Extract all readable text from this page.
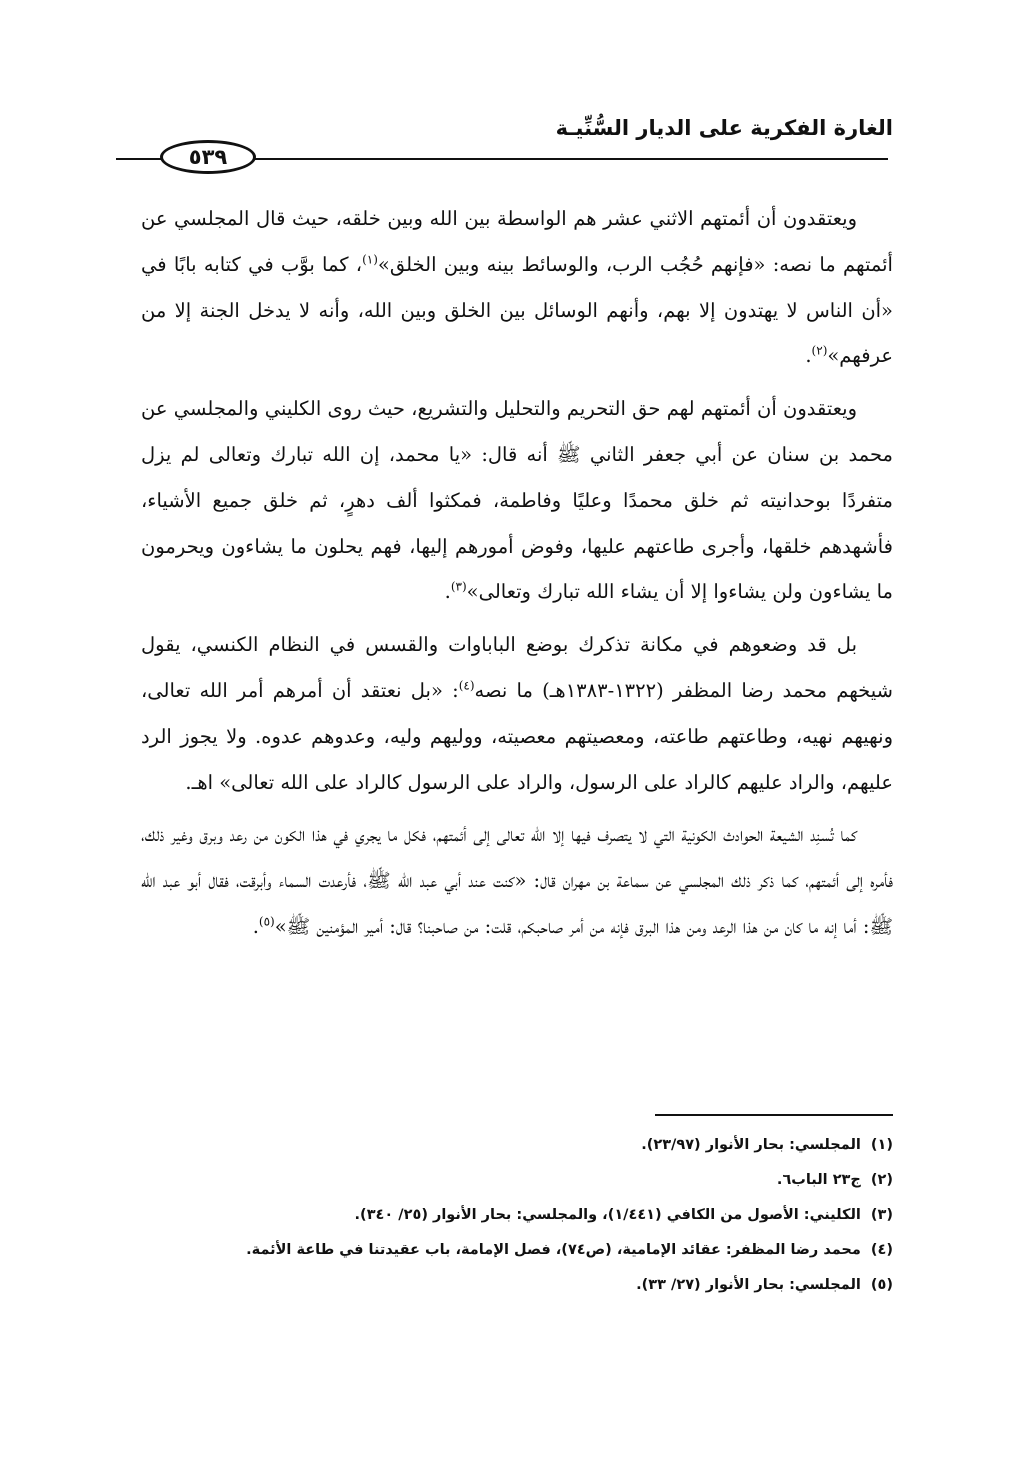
الغارة الفكرية على الديار السُّنِّيـة
٥٣٩

ويعتقدون أن أئمتهم الاثني عشر هم الواسطة بين الله وبين خلقه، حيث قال المجلسي عن أئمتهم ما نصه: «فإنهم حُجُب الرب، والوسائط بينه وبين الخلق»$^{(١)}$، كما بوَّب في كتابه بابًا في «أن الناس لا يهتدون إلا بهم، وأنهم الوسائل بين الخلق وبين الله، وأنه لا يدخل الجنة إلا من عرفهم»$^{(٢)}$.

ويعتقدون أن أئمتهم لهم حق التحريم والتحليل والتشريع، حيث روى الكليني والمجلسي عن محمد بن سنان عن أبي جعفر الثاني ﷺ أنه قال: «يا محمد، إن الله تبارك وتعالى لم يزل متفردًا بوحدانيته ثم خلق محمدًا وعليًا وفاطمة، فمكثوا ألف دهرٍ، ثم خلق جميع الأشياء، فأشهدهم خلقها، وأجرى طاعتهم عليها، وفوض أمورهم إليها، فهم يحلون ما يشاءون ويحرمون ما يشاءون ولن يشاءوا إلا أن يشاء الله تبارك وتعالى»$^{(٣)}$.

بل قد وضعوهم في مكانة تذكرك بوضع الباباوات والقسس في النظام الكنسي، يقول شيخهم محمد رضا المظفر (١٣٢٢-١٣٨٣هـ) ما نصه$^{(٤)}$: «بل نعتقد أن أمرهم أمر الله تعالى، ونهيهم نهيه، وطاعتهم طاعته، ومعصيتهم معصيته، ووليهم وليه، وعدوهم عدوه. ولا يجوز الرد عليهم، والراد عليهم كالراد على الرسول، والراد على الرسول كالراد على الله تعالى» اهـ.

كما تُسنِد الشيعة الحوادث الكونية التي لا يتصرف فيها إلا الله تعالى إلى أئمتهم، فكل ما يجري في هذا الكون من رعد وبرق وغير ذلك، فأمره إلى أئمتهم، كما ذكر ذلك المجلسي عن سماعة بن مهران قال: «كنت عند أبي عبد الله ﷺ، فأرعدت السماء وأبرقت، فقال أبو عبد الله ﷺ: أما إنه ما كان من هذا الرعد ومن هذا البرق فإنه من أمر صاحبكم، قلت: من صاحبنا؟ قال: أمير المؤمنين ﷺ»$^{(٥)}$.

(١)المجلسي: بحار الأنوار (٢٣/٩٧).
(٢)ج٢٣ الباب٦.
(٣)الكليني: الأصول من الكافي (١/٤٤١)، والمجلسي: بحار الأنوار (٢٥/ ٣٤٠).
(٤)محمد رضا المظفر: عقائد الإمامية، (ص٧٤)، فصل الإمامة، باب عقيدتنا في طاعة الأئمة.
(٥)المجلسي: بحار الأنوار (٢٧/ ٣٣).
